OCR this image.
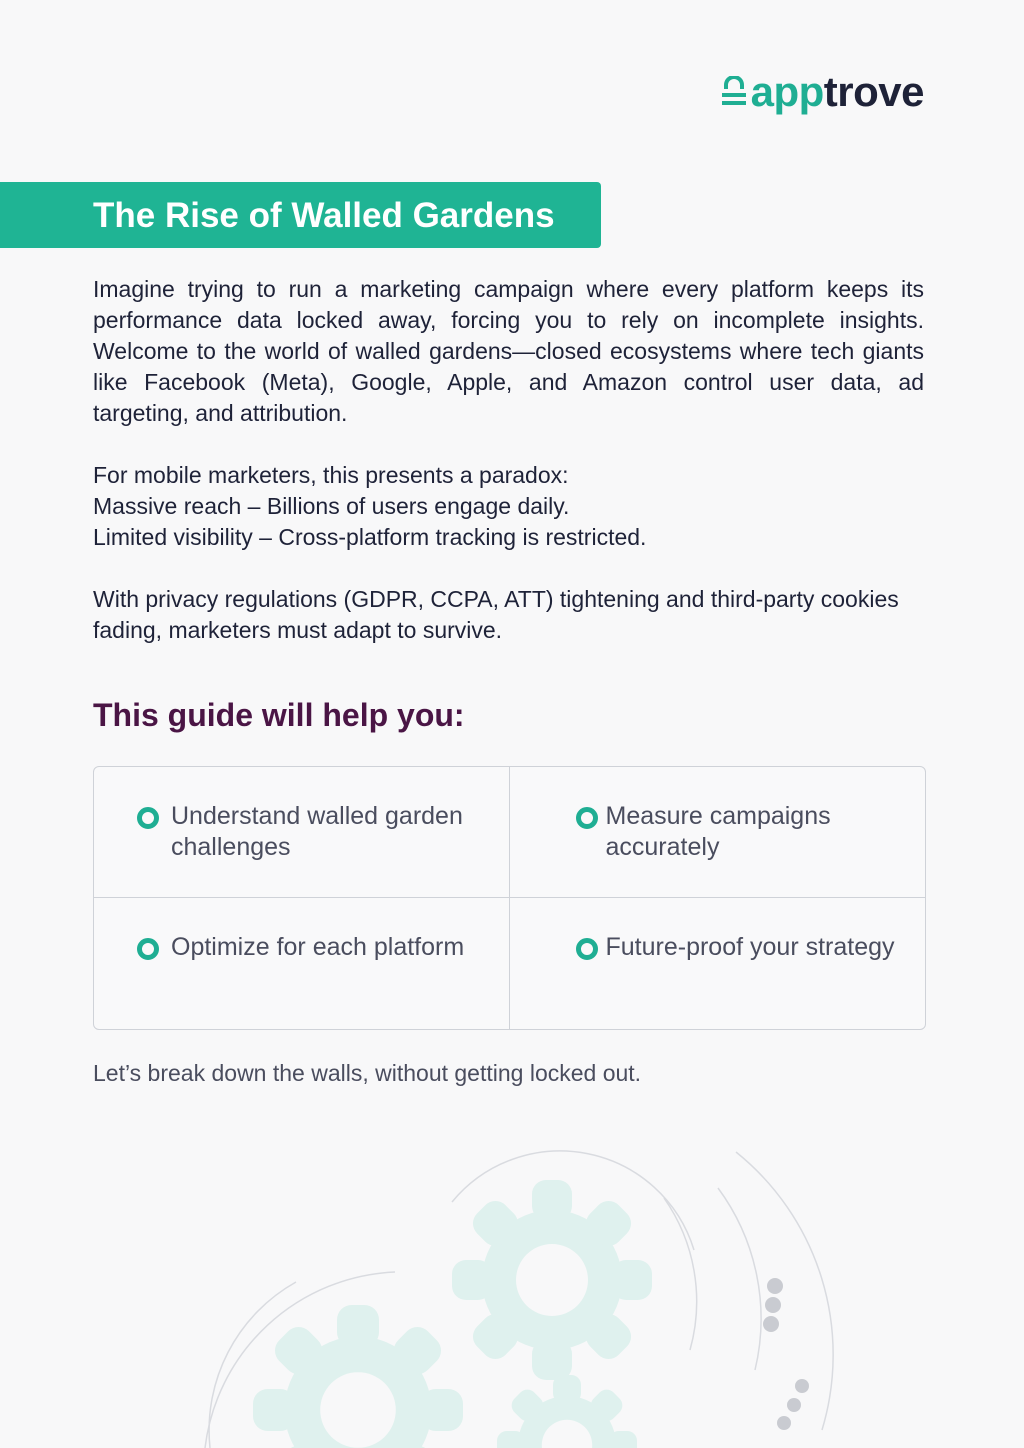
apptrove
The Rise of Walled Gardens

Imagine trying to run a marketing campaign where every platform keeps its performance data locked away, forcing you to rely on incomplete insights. Welcome to the world of walled gardens—closed ecosystems where tech giants like Facebook (Meta), Google, Apple, and Amazon control user data, ad targeting, and attribution.

For mobile marketers, this presents a paradox:

Massive reach – Billions of users engage daily.

Limited visibility – Cross-platform tracking is restricted.

With privacy regulations (GDPR, CCPA, ATT) tightening and third-party cookies fading, marketers must adapt to survive.

This guide will help you:
Understand walled garden challenges
Measure campaigns accurately
Optimize for each platform	Future-proof your strategy

Let’s break down the walls, without getting locked out.
